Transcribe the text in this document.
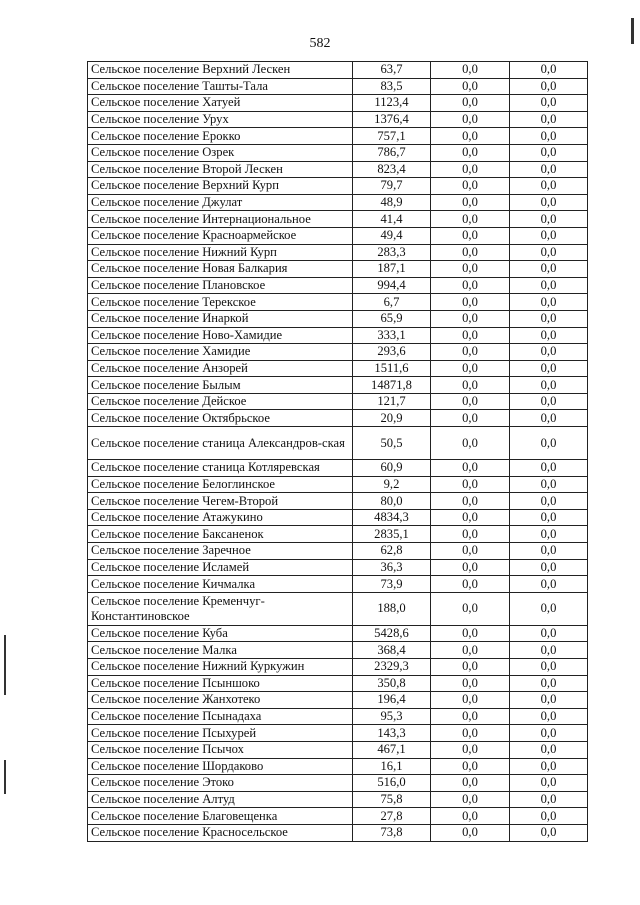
582
Сельское поселение Верхний Лескен	63,7	0,0	0,0
Сельское поселение Ташты-Тала	83,5	0,0	0,0
Сельское поселение Хатуей	1123,4	0,0	0,0
Сельское поселение Урух	1376,4	0,0	0,0
Сельское поселение Ерокко	757,1	0,0	0,0
Сельское поселение Озрек	786,7	0,0	0,0
Сельское поселение Второй Лескен	823,4	0,0	0,0
Сельское поселение Верхний Курп	79,7	0,0	0,0
Сельское поселение Джулат	48,9	0,0	0,0
Сельское поселение Интернациональное	41,4	0,0	0,0
Сельское поселение Красноармейское	49,4	0,0	0,0
Сельское поселение Нижний Курп	283,3	0,0	0,0
Сельское поселение Новая Балкария	187,1	0,0	0,0
Сельское поселение Плановское	994,4	0,0	0,0
Сельское поселение Терекское	6,7	0,0	0,0
Сельское поселение Инаркой	65,9	0,0	0,0
Сельское поселение Ново-Хамидие	333,1	0,0	0,0
Сельское поселение Хамидие	293,6	0,0	0,0
Сельское поселение Анзорей	1511,6	0,0	0,0
Сельское поселение Былым	14871,8	0,0	0,0
Сельское поселение Дейское	121,7	0,0	0,0
Сельское поселение Октябрьское	20,9	0,0	0,0
Сельское поселение станица Александров-ская	50,5	0,0	0,0
Сельское поселение станица Котляревская	60,9	0,0	0,0
Сельское поселение Белоглинское	9,2	0,0	0,0
Сельское поселение Чегем-Второй	80,0	0,0	0,0
Сельское поселение Атажукино	4834,3	0,0	0,0
Сельское поселение Баксаненок	2835,1	0,0	0,0
Сельское поселение Заречное	62,8	0,0	0,0
Сельское поселение Исламей	36,3	0,0	0,0
Сельское поселение Кичмалка	73,9	0,0	0,0
Сельское поселение Кременчуг-Константиновское	188,0	0,0	0,0
Сельское поселение Куба	5428,6	0,0	0,0
Сельское поселение Малка	368,4	0,0	0,0
Сельское поселение Нижний Куркужин	2329,3	0,0	0,0
Сельское поселение Псыншоко	350,8	0,0	0,0
Сельское поселение Жанхотеко	196,4	0,0	0,0
Сельское поселение Псынадаха	95,3	0,0	0,0
Сельское поселение Псыхурей	143,3	0,0	0,0
Сельское поселение Псычох	467,1	0,0	0,0
Сельское поселение Шордаково	16,1	0,0	0,0
Сельское поселение Этоко	516,0	0,0	0,0
Сельское поселение Алтуд	75,8	0,0	0,0
Сельское поселение Благовещенка	27,8	0,0	0,0
Сельское поселение Красносельское	73,8	0,0	0,0
